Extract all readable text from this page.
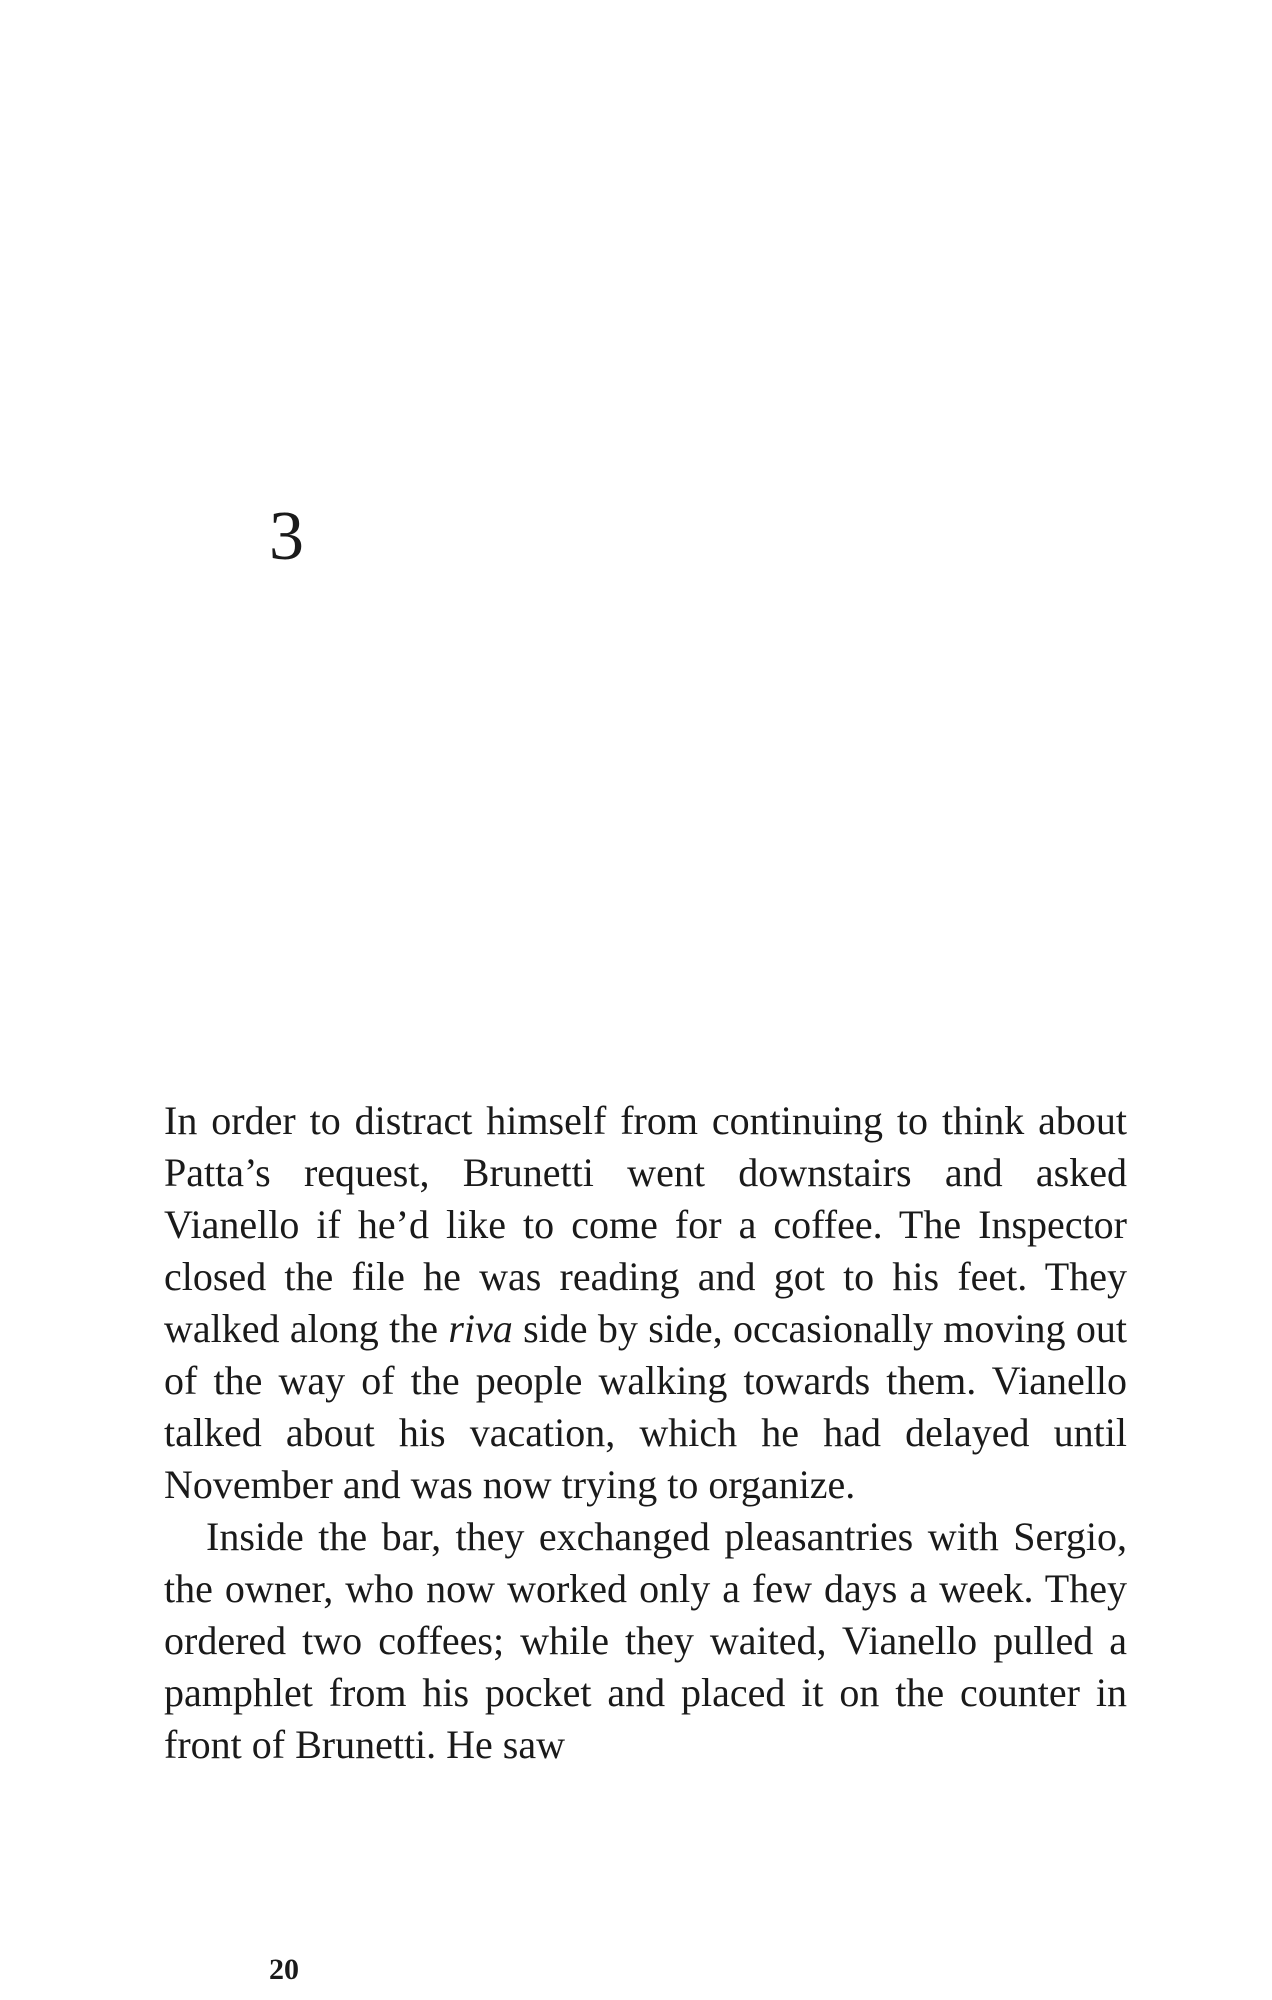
3

In order to distract himself from continuing to think about Patta’s request, Brunetti went downstairs and asked Vianello if he’d like to come for a coffee. The Inspector closed the file he was reading and got to his feet. They walked along the riva side by side, occasionally moving out of the way of the people walking towards them. Vianello talked about his vacation, which he had delayed until November and was now trying to organize.

Inside the bar, they exchanged pleasantries with Sergio, the owner, who now worked only a few days a week. They ordered two coffees; while they waited, Vianello pulled a pamphlet from his pocket and placed it on the counter in front of Brunetti. He saw

20
